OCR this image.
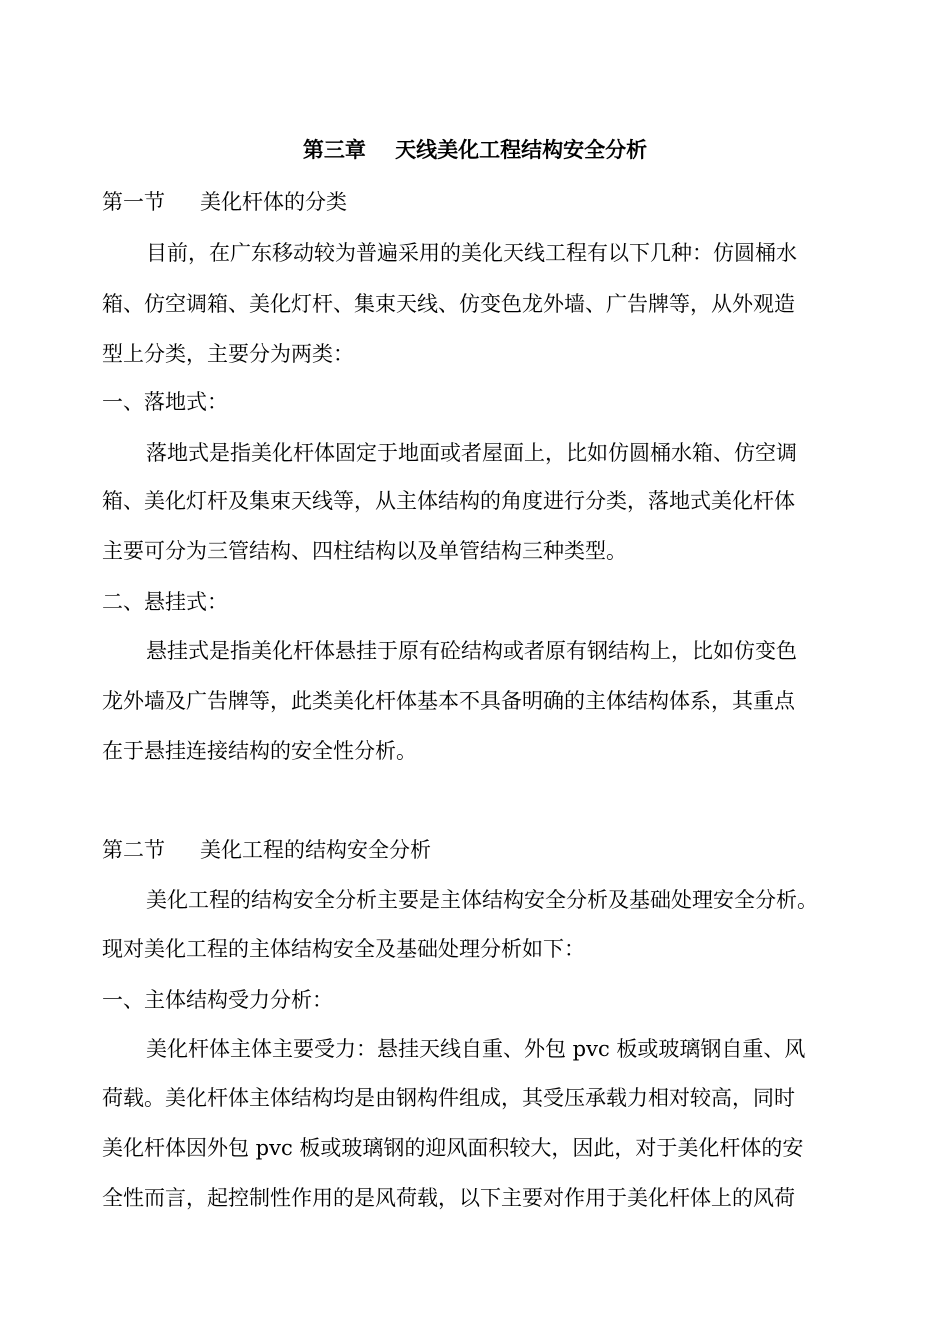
第三章    天线美化工程结构安全分析
第一节 美化杆体的分类
目前，在广东移动较为普遍采用的美化天线工程有以下几种：仿圆桶水
箱、仿空调箱、美化灯杆、集束天线、仿变色龙外墙、广告牌等，从外观造
型上分类，主要分为两类：
一、落地式：
落地式是指美化杆体固定于地面或者屋面上，比如仿圆桶水箱、仿空调
箱、美化灯杆及集束天线等，从主体结构的角度进行分类，落地式美化杆体
主要可分为三管结构、四柱结构以及单管结构三种类型。
二、悬挂式：
悬挂式是指美化杆体悬挂于原有砼结构或者原有钢结构上，比如仿变色
龙外墙及广告牌等，此类美化杆体基本不具备明确的主体结构体系，其重点
在于悬挂连接结构的安全性分析。
第二节 美化工程的结构安全分析
美化工程的结构安全分析主要是主体结构安全分析及基础处理安全分析。
现对美化工程的主体结构安全及基础处理分析如下：
一、主体结构受力分析：
美化杆体主体主要受力：悬挂天线自重、外包 pvc 板或玻璃钢自重、风
荷载。美化杆体主体结构均是由钢构件组成，其受压承载力相对较高，同时
美化杆体因外包 pvc 板或玻璃钢的迎风面积较大，因此，对于美化杆体的安
全性而言，起控制性作用的是风荷载，以下主要对作用于美化杆体上的风荷
